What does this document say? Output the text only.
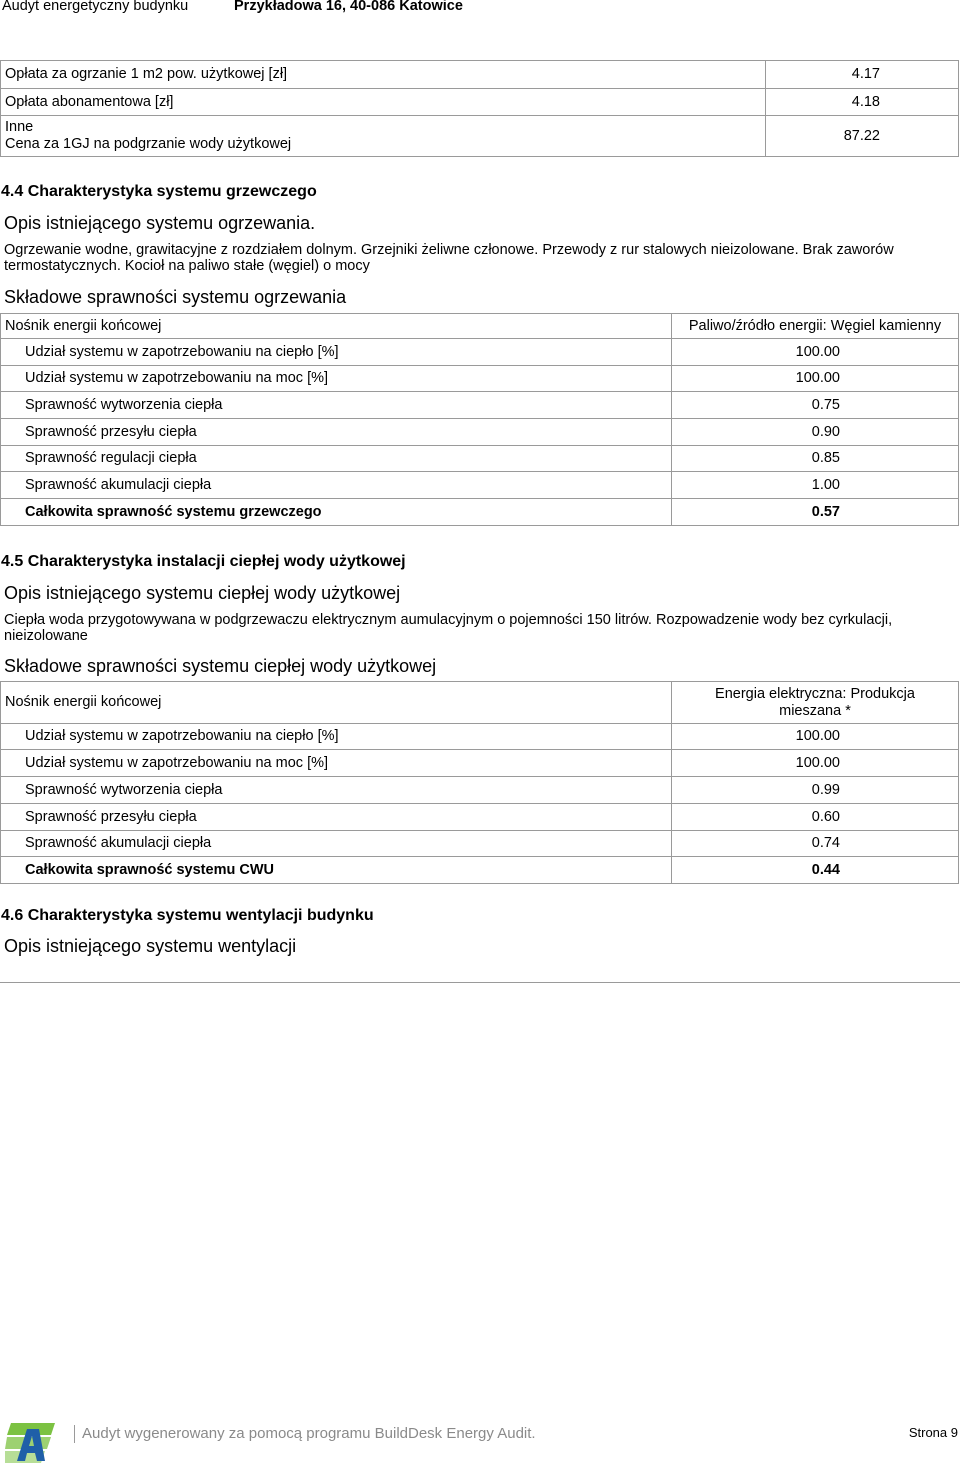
Audyt energetyczny budynku	Przykładowa 16, 40-086 Katowice
Opłata za ogrzanie 1 m2 pow. użytkowej [zł]	4.17
Opłata abonamentowa [zł]	4.18

Inne
Cena za 1GJ na podgrzanie wody użytkowej	87.22
4.4 Charakterystyka systemu grzewczego
Opis istniejącego systemu ogrzewania.
Ogrzewanie wodne, grawitacyjne z rozdziałem dolnym. Grzejniki żeliwne członowe. Przewody z rur stalowych nieizolowane. Brak zaworów termostatycznych. Kocioł na paliwo stałe (węgiel) o mocy
Składowe sprawności systemu ogrzewania
Nośnik energii końcowej	Paliwo/źródło energii: Węgiel kamienny
Udział systemu w zapotrzebowaniu na ciepło [%]	100.00
Udział systemu w zapotrzebowaniu na moc [%]	100.00
Sprawność wytworzenia ciepła	0.75
Sprawność przesyłu ciepła	0.90
Sprawność regulacji ciepła	0.85
Sprawność akumulacji ciepła	1.00
Całkowita sprawność systemu grzewczego	0.57
4.5 Charakterystyka instalacji ciepłej wody użytkowej
Opis istniejącego systemu ciepłej wody użytkowej
Ciepła woda przygotowywana w podgrzewaczu elektrycznym aumulacyjnym o pojemności 150 litrów. Rozpowadzenie wody bez cyrkulacji, nieizolowane
Składowe sprawności systemu ciepłej wody użytkowej
Nośnik energii końcowej	Energia elektryczna: Produkcja
mieszana *

Udział systemu w zapotrzebowaniu na ciepło [%]	100.00
Udział systemu w zapotrzebowaniu na moc [%]	100.00
Sprawność wytworzenia ciepła	0.99
Sprawność przesyłu ciepła	0.60
Sprawność akumulacji ciepła	0.74
Całkowita sprawność systemu CWU	0.44
4.6 Charakterystyka systemu wentylacji budynku
Opis istniejącego systemu wentylacji
Audyt wygenerowany za pomocą programu BuildDesk Energy Audit.	Strona 9
